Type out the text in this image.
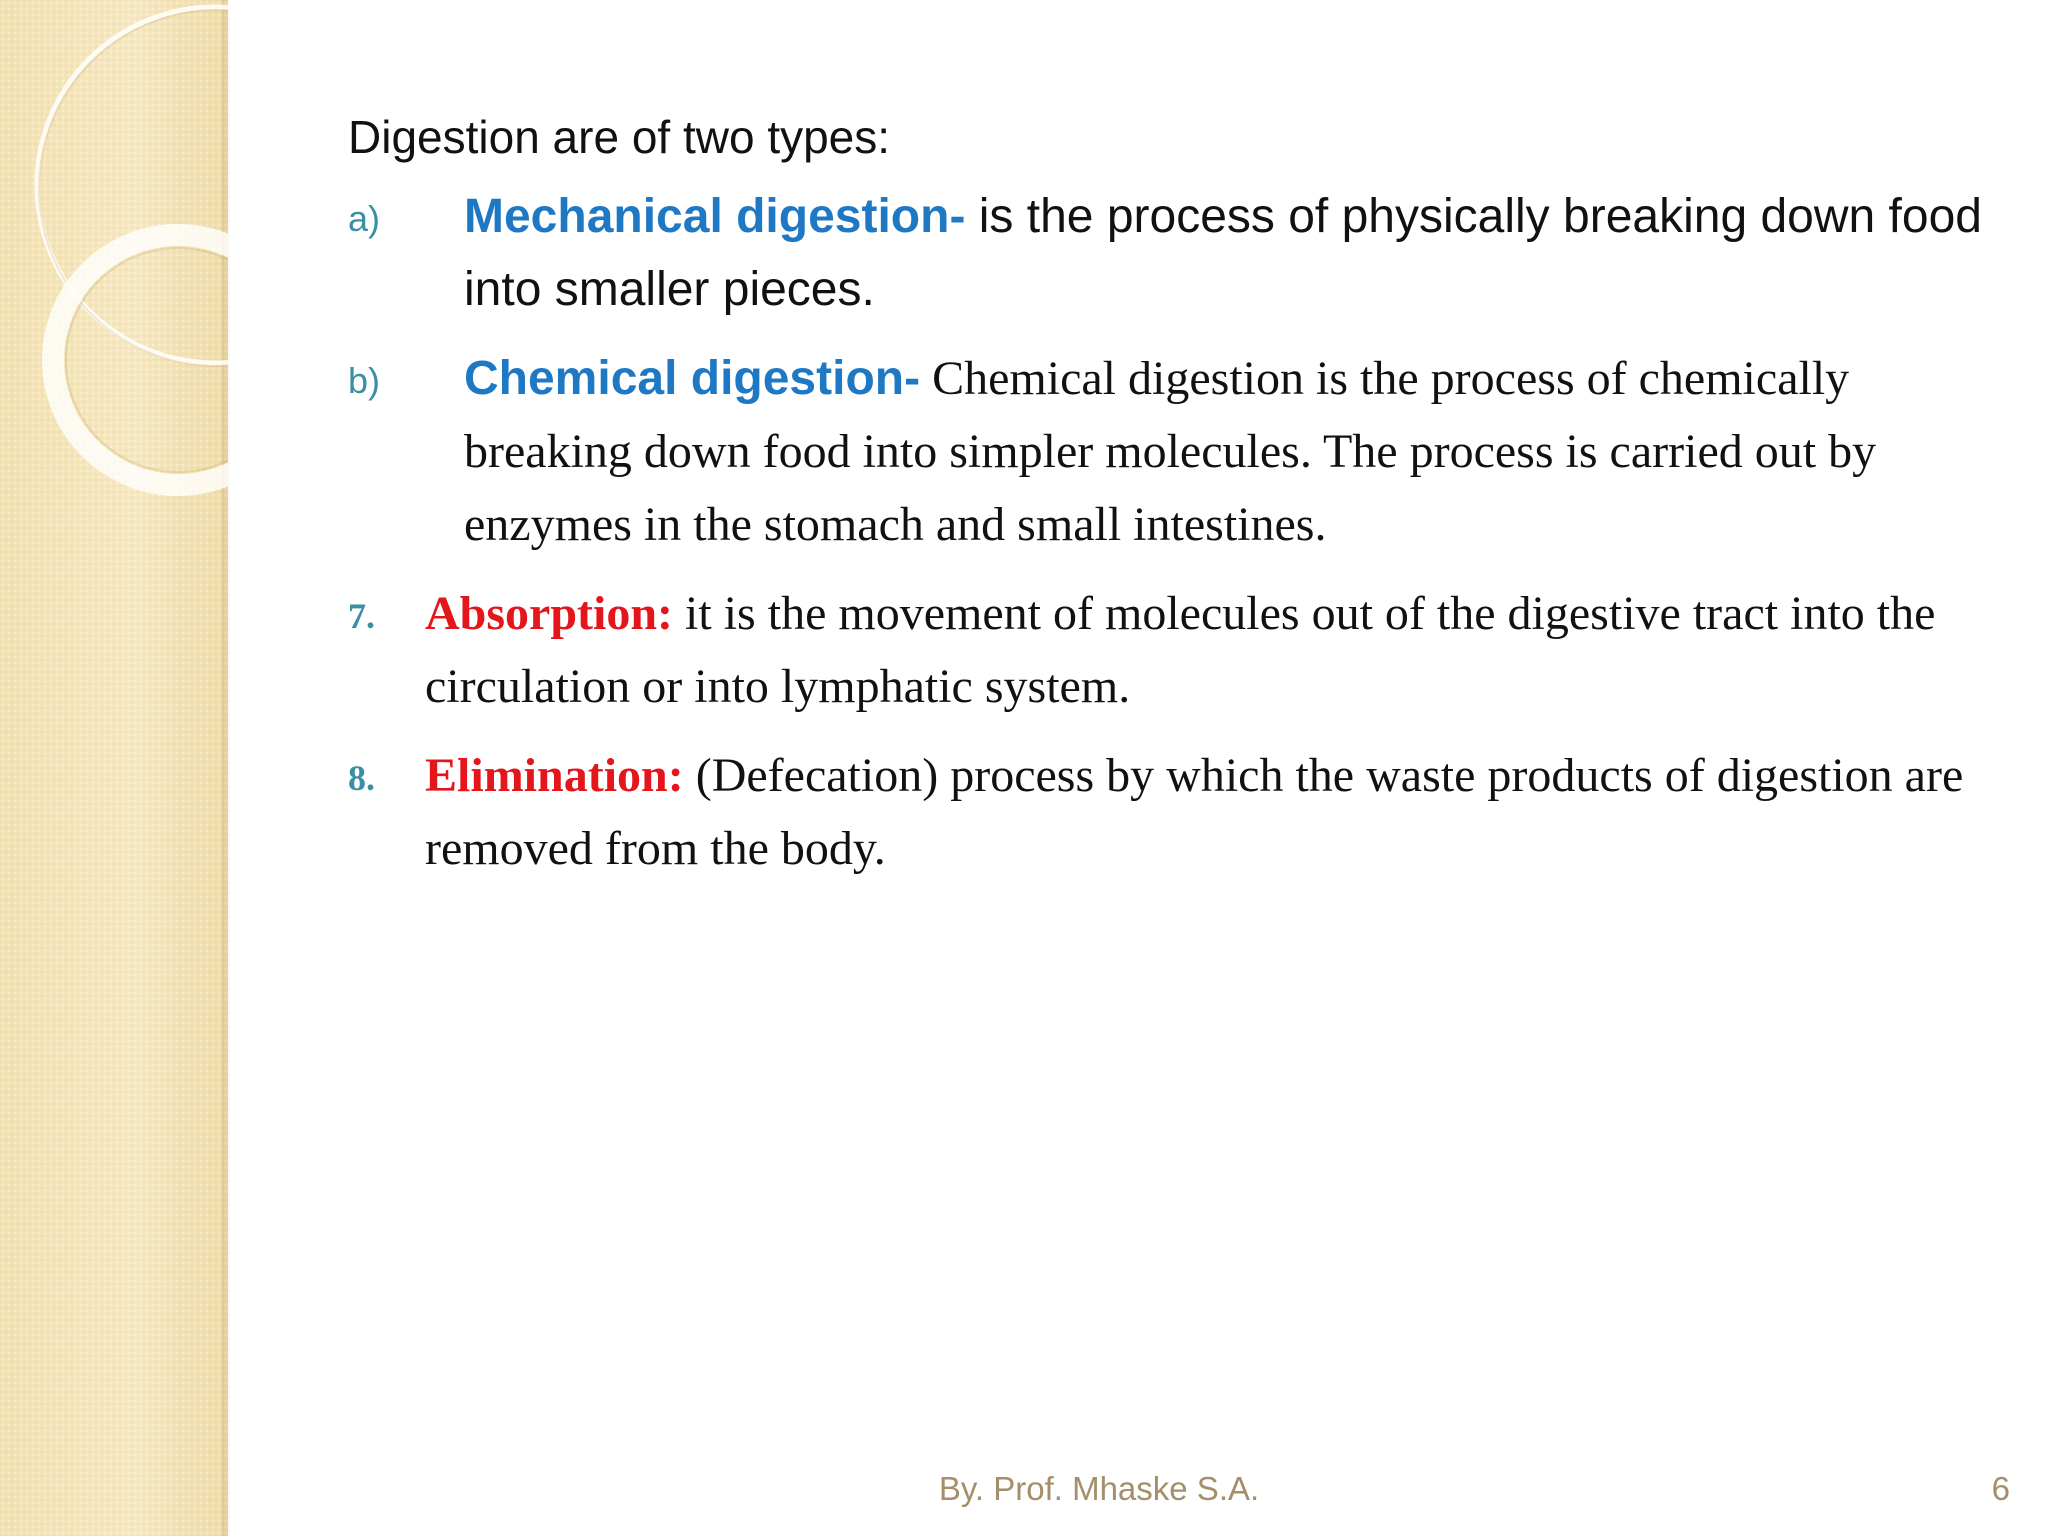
Digestion are of two types:
a) Mechanical digestion- is the process of physically breaking down food into smaller pieces.
b) Chemical digestion- Chemical digestion is the process of chemically breaking down food into simpler molecules. The process is carried out by enzymes in the stomach and small intestines.
7. Absorption: it is the movement of molecules out of the digestive tract into the circulation or into lymphatic system.
8. Elimination: (Defecation) process by which the waste products of digestion are removed from the body.
By. Prof. Mhaske S.A.	6
